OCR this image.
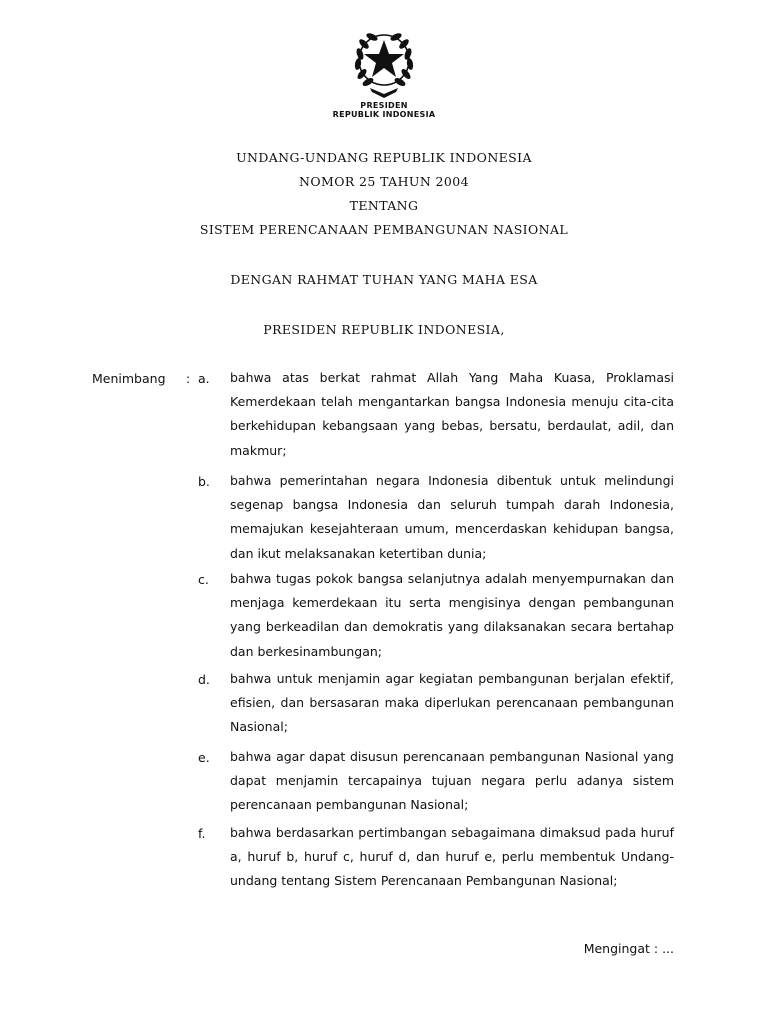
PRESIDEN
REPUBLIK INDONESIA
UNDANG-UNDANG REPUBLIK INDONESIA
NOMOR 25 TAHUN 2004
TENTANG
SISTEM PERENCANAAN PEMBANGUNAN NASIONAL
DENGAN RAHMAT TUHAN YANG MAHA ESA
PRESIDEN REPUBLIK INDONESIA,
Menimbang : a. bahwa atas berkat rahmat Allah Yang Maha Kuasa, Proklamasi Kemerdekaan telah mengantarkan bangsa Indonesia menuju cita-cita berkehidupan kebangsaan yang bebas, bersatu, berdaulat, adil, dan makmur;

b. bahwa pemerintahan negara Indonesia dibentuk untuk melindungi segenap bangsa Indonesia dan seluruh tumpah darah Indonesia, memajukan kesejahteraan umum, mencerdaskan kehidupan bangsa, dan ikut melaksanakan ketertiban dunia;

c. bahwa tugas pokok bangsa selanjutnya adalah menyempurnakan dan menjaga kemerdekaan itu serta mengisinya dengan pembangunan yang berkeadilan dan demokratis yang dilaksanakan secara bertahap dan berkesinambungan;

d. bahwa untuk menjamin agar kegiatan pembangunan berjalan efektif, efisien, dan bersasaran maka diperlukan perencanaan pembangunan Nasional;

e. bahwa agar dapat disusun perencanaan pembangunan Nasional yang dapat menjamin tercapainya tujuan negara perlu adanya sistem perencanaan pembangunan Nasional;

f. bahwa berdasarkan pertimbangan sebagaimana dimaksud pada huruf a, huruf b, huruf c, huruf d, dan huruf e, perlu membentuk Undang-undang tentang Sistem Perencanaan Pembangunan Nasional;

Mengingat : ...
